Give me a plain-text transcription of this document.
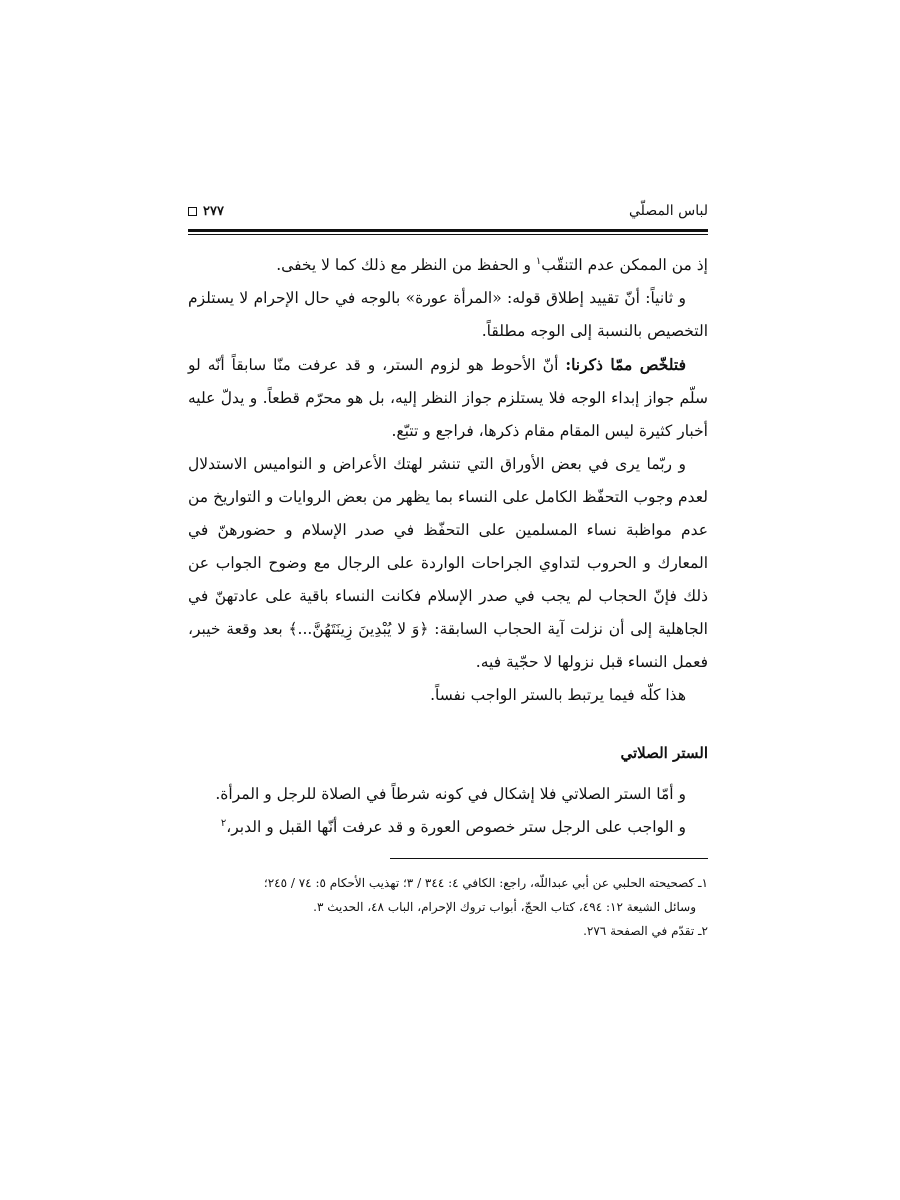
لباس المصلّي
٢٧٧

إذ من الممكن عدم التنقّب$^١$ و الحفظ من النظر مع ذلك كما لا يخفى.

و ثانياً: أنّ تقييد إطلاق قوله: «المرأة عورة» بالوجه في حال الإحرام لا يستلزم التخصيص بالنسبة إلى الوجه مطلقاً.

فتلخّص ممّا ذكرنا: أنّ الأحوط هو لزوم الستر، و قد عرفت منّا سابقاً أنّه لو سلّم جواز إبداء الوجه فلا يستلزم جواز النظر إليه، بل هو محرّم قطعاً. و يدلّ عليه أخبار كثيرة ليس المقام مقام ذكرها، فراجع و تتبّع.

و ربّما يرى في بعض الأوراق التي تنشر لهتك الأعراض و النواميس الاستدلال لعدم وجوب التحفّظ الكامل على النساء بما يظهر من بعض الروايات و التواريخ من عدم مواظبة نساء المسلمين على التحفّظ في صدر الإسلام و حضورهنّ في المعارك و الحروب لتداوي الجراحات الواردة على الرجال مع وضوح الجواب عن ذلك فإنّ الحجاب لم يجب في صدر الإسلام فكانت النساء باقية على عادتهنّ في الجاهلية إلى أن نزلت آية الحجاب السابقة: ﴿وَ لا يُبْدِينَ زِينَتَهُنَّ...﴾ بعد وقعة خيبر، فعمل النساء قبل نزولها لا حجّية فيه.

هذا كلّه فيما يرتبط بالستر الواجب نفساً.

الستر الصلاتي

و أمّا الستر الصلاتي فلا إشكال في كونه شرطاً في الصلاة للرجل و المرأة.

و الواجب على الرجل ستر خصوص العورة و قد عرفت أنّها القبل و الدبر،$^٢$

١ـ كصحيحته الحلبي عن أبي عبداللّه، راجع: الكافي ٤: ٣٤٤ / ٣؛ تهذيب الأحكام ٥: ٧٤ / ٢٤٥؛

وسائل الشيعة ١٢: ٤٩٤، كتاب الحجّ، أبواب تروك الإحرام، الباب ٤٨، الحديث ٣.

٢ـ تقدّم في الصفحة ٢٧٦.
